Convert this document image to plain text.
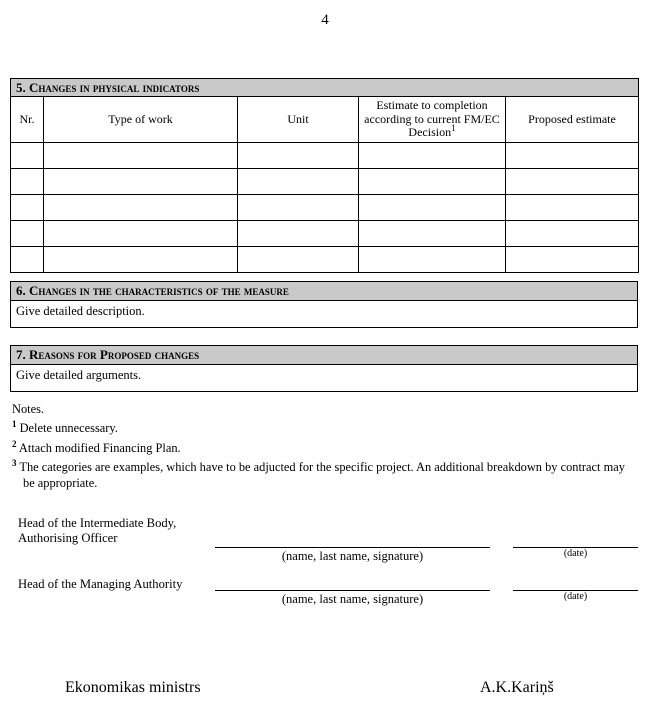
4
5. Changes in physical indicators				
Nr.	Type of work	Unit	Estimate to completion according to current FM/EC Decision$^1$	Proposed estimate

6. Changes in the characteristics of the measure
Give detailed description.
7. Reasons for Proposed changes
Give detailed arguments.
Notes.
$^1$ Delete unnecessary.
$^2$ Attach modified Financing Plan.
$^3$ The categories are examples, which have to be adjucted for the specific project. An additional breakdown by contract may be appropriate.
Head of the Intermediate Body,
Authorising Officer
(name, last name, signature)	(date)
Head of the Managing Authority
(name, last name, signature)	(date)
Ekonomikas ministrs	A.K.Kariņš
